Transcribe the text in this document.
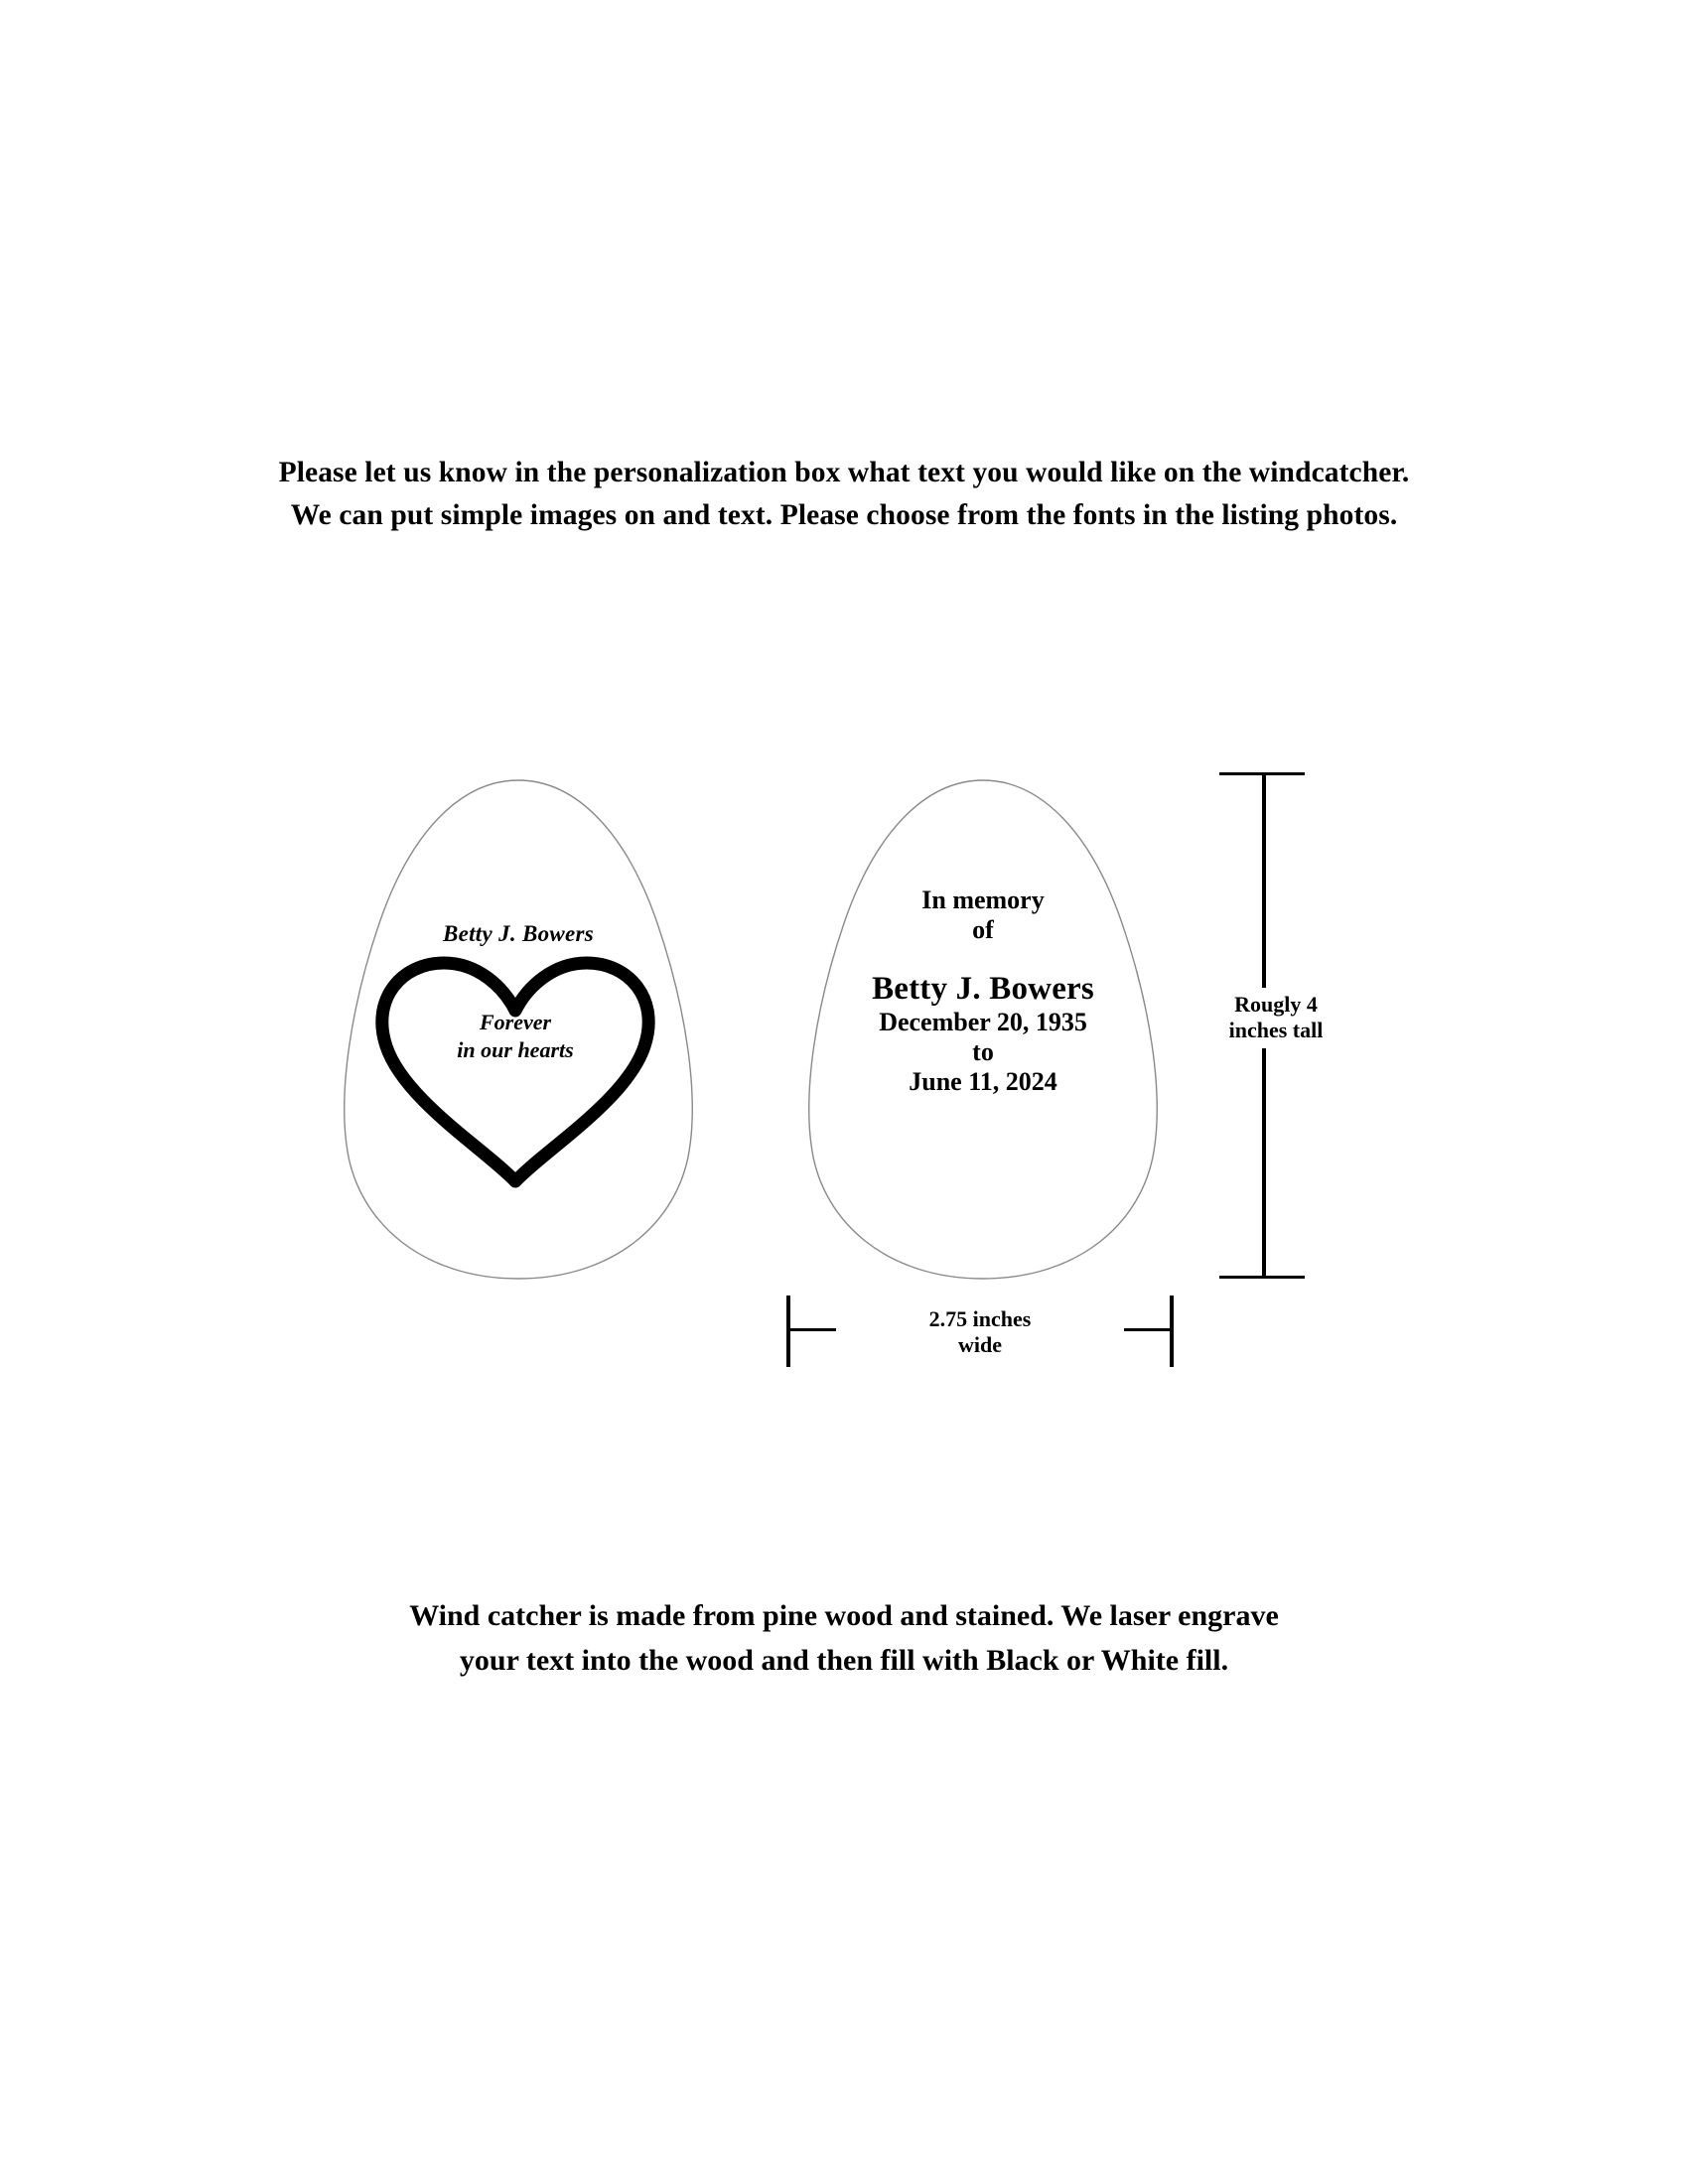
Please let us know in the personalization box what text you would like on the windcatcher.
We can put simple images on and text. Please choose from the fonts in the listing photos.
Betty J. Bowers
Forever
in our hearts
In memory
of
Betty J. Bowers
December 20, 1935
to
June 11, 2024
Rougly 4
inches tall
2.75 inches
wide
Wind catcher is made from pine wood and stained. We laser engrave
your text into the wood and then fill with Black or White fill.
